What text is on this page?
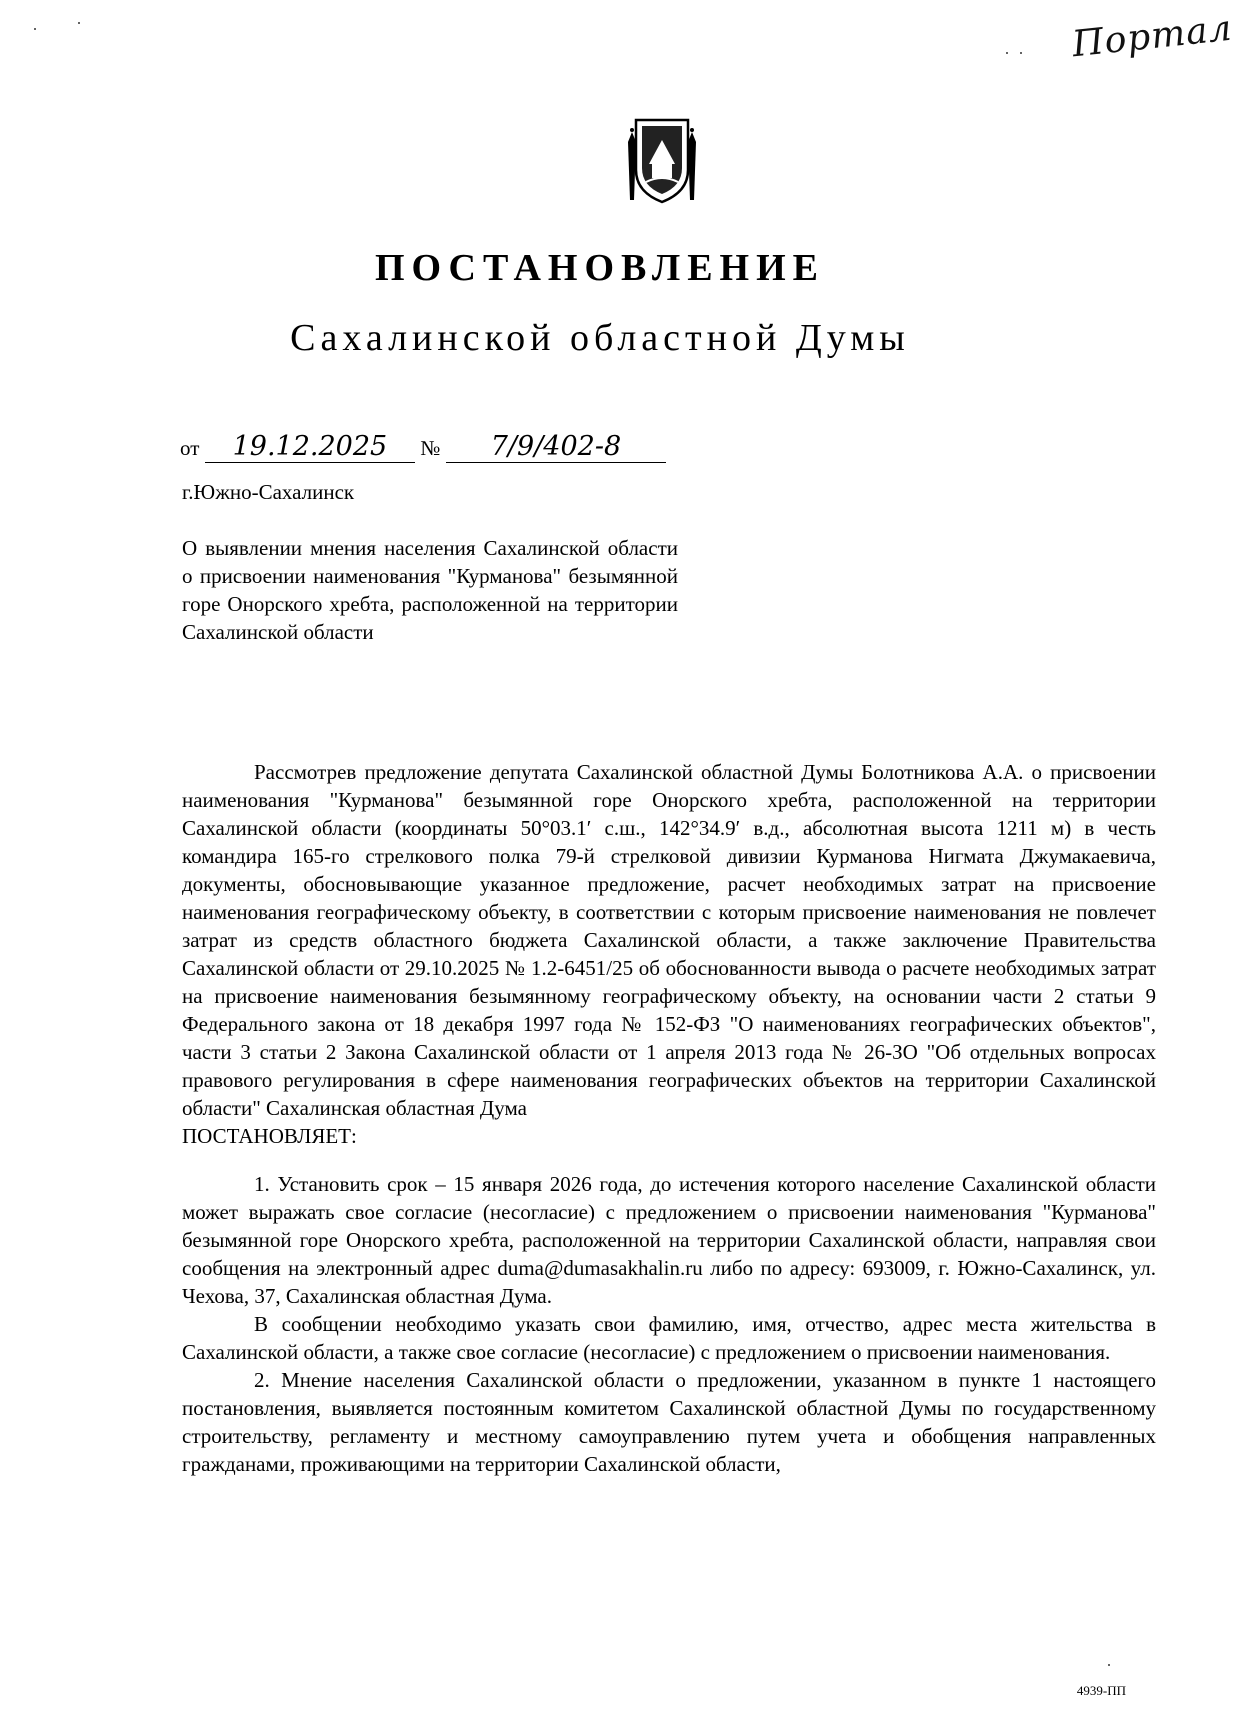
Портал
ПОСТАНОВЛЕНИЕ
Сахалинской областной Думы
от 19.12.2025 № 7/9/402-8
г.Южно-Сахалинск
О выявлении мнения населения Сахалинской области о присвоении наименования "Курманова" безымянной горе Онорского хребта, расположенной на территории Сахалинской области

Рассмотрев предложение депутата Сахалинской областной Думы Болотникова А.А. о присвоении наименования "Курманова" безымянной горе Онорского хребта, расположенной на территории Сахалинской области (координаты 50°03.1′ с.ш., 142°34.9′ в.д., абсолютная высота 1211 м) в честь командира 165-го стрелкового полка 79-й стрелковой дивизии Курманова Нигмата Джумакаевича, документы, обосновывающие указанное предложение, расчет необходимых затрат на присвоение наименования географическому объекту, в соответствии с которым присвоение наименования не повлечет затрат из средств областного бюджета Сахалинской области, а также заключение Правительства Сахалинской области от 29.10.2025 № 1.2-6451/25 об обоснованности вывода о расчете необходимых затрат на присвоение наименования безымянному географическому объекту, на основании части 2 статьи 9 Федерального закона от 18 декабря 1997 года № 152-ФЗ "О наименованиях географических объектов", части 3 статьи 2 Закона Сахалинской области от 1 апреля 2013 года № 26-ЗО "Об отдельных вопросах правового регулирования в сфере наименования географических объектов на территории Сахалинской области" Сахалинская областная Дума

ПОСТАНОВЛЯЕТ:

1. Установить срок – 15 января 2026 года, до истечения которого население Сахалинской области может выражать свое согласие (несогласие) с предложением о присвоении наименования "Курманова" безымянной горе Онорского хребта, расположенной на территории Сахалинской области, направляя свои сообщения на электронный адрес duma@dumasakhalin.ru либо по адресу: 693009, г. Южно-Сахалинск, ул. Чехова, 37, Сахалинская областная Дума.

В сообщении необходимо указать свои фамилию, имя, отчество, адрес места жительства в Сахалинской области, а также свое согласие (несогласие) с предложением о присвоении наименования.

2. Мнение населения Сахалинской области о предложении, указанном в пункте 1 настоящего постановления, выявляется постоянным комитетом Сахалинской областной Думы по государственному строительству, регламенту и местному самоуправлению путем учета и обобщения направленных гражданами, проживающими на территории Сахалинской области,

4939-ПП
